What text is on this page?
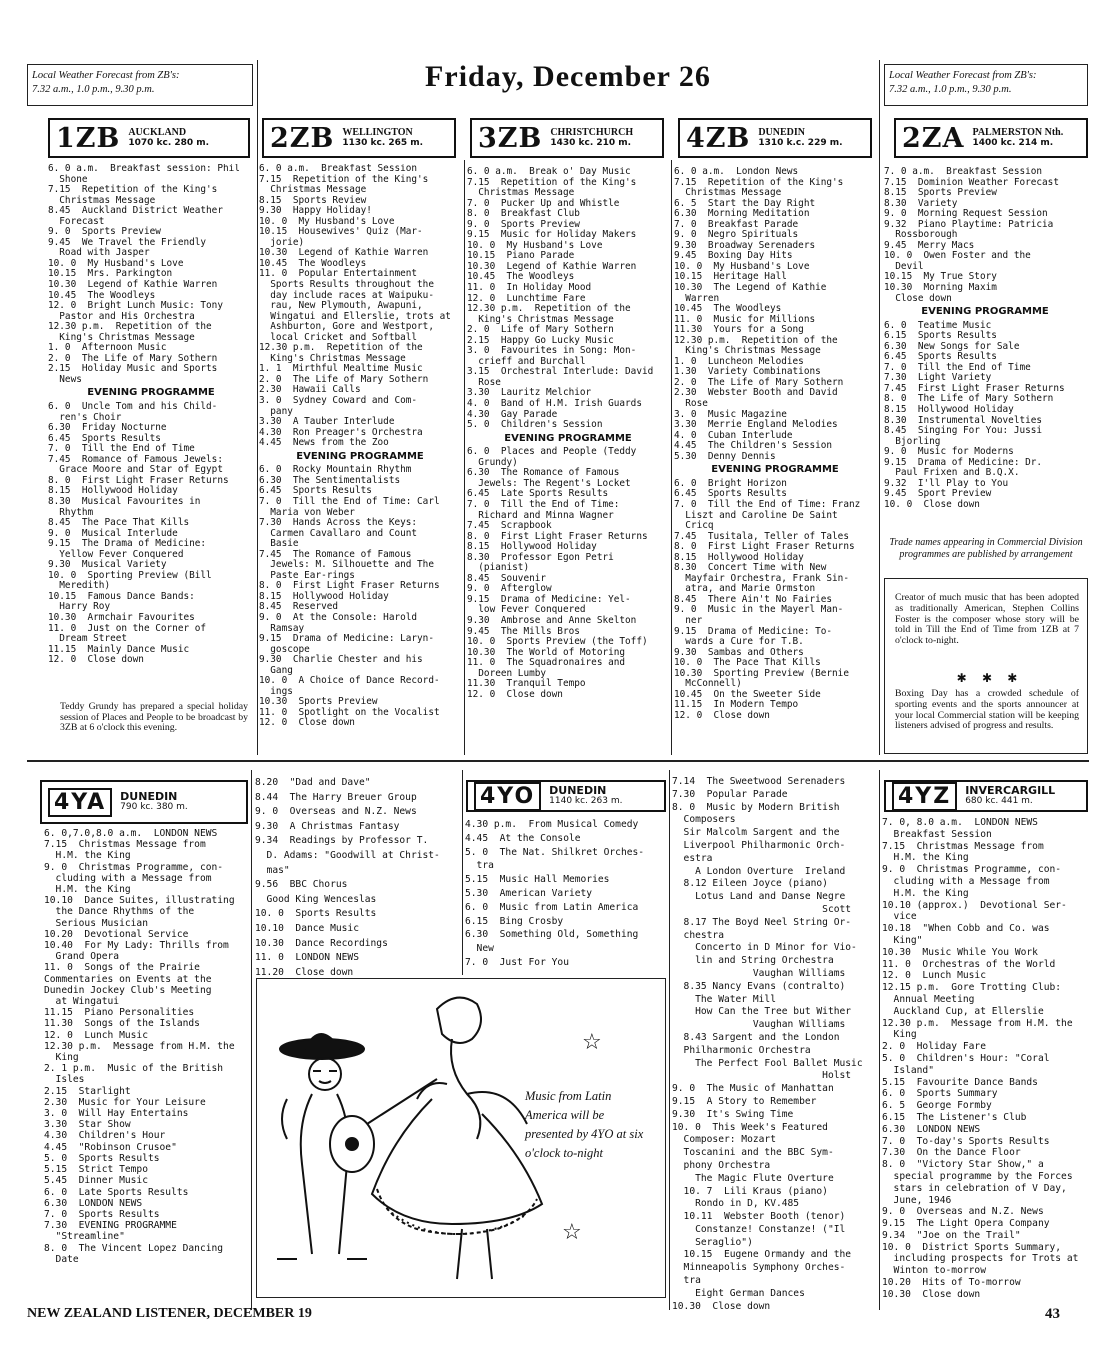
Local Weather Forecast from ZB's:
7.32 a.m., 1.0 p.m., 9.30 p.m.	Friday, December 26	Local Weather Forecast from ZB's:
7.32 a.m., 1.0 p.m., 9.30 p.m.
1ZB AUCKLAND
1070 kc. 280 m. 2ZB WELLINGTON
1130 kc. 265 m. 3ZB CHRISTCHURCH
1430 kc. 210 m. 4ZB DUNEDIN
1310 k.c. 229 m. 2ZA PALMERSTON Nth.
1400 kc. 214 m.
6. 0 a.m.  Breakfast session: Phil
Shone
7.15  Repetition of the King's
Christmas Message
8.45  Auckland District Weather
Forecast
9. 0  Sports Preview
9.45  We Travel the Friendly
Road with Jasper
10. 0  My Husband's Love
10.15  Mrs. Parkington
10.30  Legend of Kathie Warren
10.45  The Woodleys
12. 0  Bright Lunch Music: Tony
Pastor and His Orchestra
12.30 p.m.  Repetition of the
King's Christmas Message
1. 0  Afternoon Music
2. 0  The Life of Mary Sothern
2.15  Holiday Music and Sports
News
EVENING PROGRAMME
6. 0  Uncle Tom and his Child-
ren's Choir
6.30  Friday Nocturne
6.45  Sports Results
7. 0  Till the End of Time
7.45  Romance of Famous Jewels:
Grace Moore and Star of Egypt
8. 0  First Light Fraser Returns
8.15  Hollywood Holiday
8.30  Musical Favourites in
Rhythm
8.45  The Pace That Kills
9. 0  Musical Interlude
9.15  The Drama of Medicine:
Yellow Fever Conquered
9.30  Musical Variety
10. 0  Sporting Preview (Bill
Meredith)
10.15  Famous Dance Bands:
Harry Roy
10.30  Armchair Favourites
11. 0  Just on the Corner of
Dream Street
11.15  Mainly Dance Music
12. 0  Close down
6. 0 a.m.  Breakfast Session
7.15  Repetition of the King's
Christmas Message
8.15  Sports Review
9.30  Happy Holiday!
10. 0  My Husband's Love
10.15  Housewives' Quiz (Mar-
jorie)
10.30  Legend of Kathie Warren
10.45  The Woodleys
11. 0  Popular Entertainment
Sports Results throughout the
day include races at Waipuku-
rau, New Plymouth, Awapuni,
Wingatui and Ellerslie, trots at
Ashburton, Gore and Westport,
local Cricket and Softball
12.30 p.m.  Repetition of the
King's Christmas Message
1. 1  Mirthful Mealtime Music
2. 0  The Life of Mary Sothern
2.30  Hawaii Calls
3. 0  Sydney Coward and Com-
pany
3.30  A Tauber Interlude
4.30  Ron Preager's Orchestra
4.45  News from the Zoo
EVENING PROGRAMME
6. 0  Rocky Mountain Rhythm
6.30  The Sentimentalists
6.45  Sports Results
7. 0  Till the End of Time: Carl
Maria von Weber
7.30  Hands Across the Keys:
Carmen Cavallaro and Count
Basie
7.45  The Romance of Famous
Jewels: M. Silhouette and The
Paste Ear-rings
8. 0  First Light Fraser Returns
8.15  Hollywood Holiday
8.45  Reserved
9. 0  At the Console: Harold
Ramsay
9.15  Drama of Medicine: Laryn-
goscope
9.30  Charlie Chester and his
Gang
10. 0  A Choice of Dance Record-
ings
10.30  Sports Preview
11. 0  Spotlight on the Vocalist
12. 0  Close down
6. 0 a.m.  Break o' Day Music
7.15  Repetition of the King's
Christmas Message
7. 0  Pucker Up and Whistle
8. 0  Breakfast Club
9. 0  Sports Preview
9.15  Music for Holiday Makers
10. 0  My Husband's Love
10.15  Piano Parade
10.30  Legend of Kathie Warren
10.45  The Woodleys
11. 0  In Holiday Mood
12. 0  Lunchtime Fare
12.30 p.m.  Repetition of the
King's Christmas Message
2. 0  Life of Mary Sothern
2.15  Happy Go Lucky Music
3. 0  Favourites in Song: Mon-
crieff and Burchall
3.15  Orchestral Interlude: David
Rose
3.30  Lauritz Melchior
4. 0  Band of H.M. Irish Guards
4.30  Gay Parade
5. 0  Children's Session
EVENING PROGRAMME
6. 0  Places and People (Teddy
Grundy)
6.30  The Romance of Famous
Jewels: The Regent's Locket
6.45  Late Sports Results
7. 0  Till the End of Time:
Richard and Minna Wagner
7.45  Scrapbook
8. 0  First Light Fraser Returns
8.15  Hollywood Holiday
8.30  Professor Egon Petri
(pianist)
8.45  Souvenir
9. 0  Afterglow
9.15  Drama of Medicine: Yel-
low Fever Conquered
9.30  Ambrose and Anne Skelton
9.45  The Mills Bros
10. 0  Sports Preview (the Toff)
10.30  The World of Motoring
11. 0  The Squadronaires and
Doreen Lumby
11.30  Tranquil Tempo
12. 0  Close down
6. 0 a.m.  London News
7.15  Repetition of the King's
Christmas Message
6. 5  Start the Day Right
6.30  Morning Meditation
7. 0  Breakfast Parade
9. 0  Negro Spirituals
9.30  Broadway Serenaders
9.45  Boxing Day Hits
10. 0  My Husband's Love
10.15  Heritage Hall
10.30  The Legend of Kathie
Warren
10.45  The Woodleys
11. 0  Music for Millions
11.30  Yours for a Song
12.30 p.m.  Repetition of the
King's Christmas Message
1. 0  Luncheon Melodies
1.30  Variety Combinations
2. 0  The Life of Mary Sothern
2.30  Webster Booth and David
Rose
3. 0  Music Magazine
3.30  Merrie England Melodies
4. 0  Cuban Interlude
4.45  The Children's Session
5.30  Denny Dennis
EVENING PROGRAMME
6. 0  Bright Horizon
6.45  Sports Results
7. 0  Till the End of Time: Franz
Liszt and Caroline De Saint
Cricq
7.45  Tusitala, Teller of Tales
8. 0  First Light Fraser Returns
8.15  Hollywood Holiday
8.30  Concert Time with New
Mayfair Orchestra, Frank Sin-
atra, and Marie Ormston
8.45  There Ain't No Fairies
9. 0  Music in the Mayerl Man-
ner
9.15  Drama of Medicine: To-
wards a Cure for T.B.
9.30  Sambas and Others
10. 0  The Pace That Kills
10.30  Sporting Preview (Bernie
McConnell)
10.45  On the Sweeter Side
11.15  In Modern Tempo
12. 0  Close down
7. 0 a.m.  Breakfast Session
7.15  Dominion Weather Forecast
8.15  Sports Preview
8.30  Variety
9. 0  Morning Request Session
9.32  Piano Playtime: Patricia
Rossborough
9.45  Merry Macs
10. 0  Owen Foster and the
Devil
10.15  My True Story
10.30  Morning Maxim
Close down
EVENING PROGRAMME
6. 0  Teatime Music
6.15  Sports Results
6.30  New Songs for Sale
6.45  Sports Results
7. 0  Till the End of Time
7.30  Light Variety
7.45  First Light Fraser Returns
8. 0  The Life of Mary Sothern
8.15  Hollywood Holiday
8.30  Instrumental Novelties
8.45  Singing For You: Jussi
Bjorling
9. 0  Music for Moderns
9.15  Drama of Medicine: Dr.
Paul Frixen and B.Q.X.
9.32  I'll Play to You
9.45  Sport Preview
10. 0  Close down
Teddy Grundy has prepared a special holiday session of Places and People to be broadcast by 3ZB at 6 o'clock this evening.
Trade names appearing in Commercial Division programmes are published by arrangement
Creator of much music that has been adopted as traditionally American, Stephen Collins Foster is the composer whose story will be told in Till the End of Time from 1ZB at 7 o'clock to-night.
✱    ✱    ✱
Boxing Day has a crowded schedule of sporting events and the sports announcer at your local Commercial station will be keeping listeners advised of progress and results.
4YA	DUNEDIN
790 kc. 380 m.	4YO	DUNEDIN
1140 kc. 263 m.	4YZ	INVERCARGILL
680 kc. 441 m.
6. 0,7.0,8.0 a.m.  LONDON NEWS
7.15  Christmas Message from
H.M. the King
9. 0  Christmas Programme, con-
cluding with a Message from
H.M. the King
10.10  Dance Suites, illustrating
the Dance Rhythms of the
Serious Musician
10.20  Devotional Service
10.40  For My Lady: Thrills from
Grand Opera
11. 0  Songs of the Prairie
Commentaries on Events at the
Dunedin Jockey Club's Meeting
at Wingatui
11.15  Piano Personalities
11.30  Songs of the Islands
12. 0  Lunch Music
12.30 p.m.  Message from H.M. the
King
2. 1 p.m.  Music of the British
Isles
2.15  Starlight
2.30  Music for Your Leisure
3. 0  Will Hay Entertains
3.30  Star Show
4.30  Children's Hour
4.45  "Robinson Crusoe"
5. 0  Sports Results
5.15  Strict Tempo
5.45  Dinner Music
6. 0  Late Sports Results
6.30  LONDON NEWS
7. 0  Sports Results
7.30  EVENING PROGRAMME
"Streamline"
8. 0  The Vincent Lopez Dancing
Date
8.20  "Dad and Dave"
8.44  The Harry Breuer Group
9. 0  Overseas and N.Z. News
9.30  A Christmas Fantasy
9.34  Readings by Professor T.
D. Adams: "Goodwill at Christ-
mas"
9.56  BBC Chorus
Good King Wenceslas
10. 0  Sports Results
10.10  Dance Music
10.30  Dance Recordings
11. 0  LONDON NEWS
11.20  Close down
4.30 p.m.  From Musical Comedy
4.45  At the Console
5. 0  The Nat. Shilkret Orches-
tra
5.15  Music Hall Memories
5.30  American Variety
6. 0  Music from Latin America
6.15  Bing Crosby
6.30  Something Old, Something
New
7. 0  Just For You
7.14  The Sweetwood Serenaders
7.30  Popular Parade
8. 0  Music by Modern British
Composers
Sir Malcolm Sargent and the
Liverpool Philharmonic Orch-
estra
A London Overture  Ireland
8.12 Eileen Joyce (piano)
Lotus Land and Danse Negre
Scott
8.17 The Boyd Neel String Or-
chestra
Concerto in D Minor for Vio-
lin and String Orchestra
Vaughan Williams
8.35 Nancy Evans (contralto)
The Water Mill
How Can the Tree but Wither
Vaughan Williams
8.43 Sargent and the London
Philharmonic Orchestra
The Perfect Fool Ballet Music
Holst
9. 0  The Music of Manhattan
9.15  A Story to Remember
9.30  It's Swing Time
10. 0  This Week's Featured
Composer: Mozart
Toscanini and the BBC Sym-
phony Orchestra
The Magic Flute Overture
10. 7  Lili Kraus (piano)
Rondo in D, KV.485
10.11  Webster Booth (tenor)
Constanze! Constanze! ("Il
Seraglio")
10.15  Eugene Ormandy and the
Minneapolis Symphony Orches-
tra
Eight German Dances
10.30  Close down
7. 0, 8.0 a.m.  LONDON NEWS
Breakfast Session
7.15  Christmas Message from
H.M. the King
9. 0  Christmas Programme, con-
cluding with a Message from
H.M. the King
10.10 (approx.)  Devotional Ser-
vice
10.18  "When Cobb and Co. was
King"
10.30  Music While You Work
11. 0  Orchestras of the World
12. 0  Lunch Music
12.15 p.m.  Gore Trotting Club:
Annual Meeting
Auckland Cup, at Ellerslie
12.30 p.m.  Message from H.M. the
King
2. 0  Holiday Fare
5. 0  Children's Hour: "Coral
Island"
5.15  Favourite Dance Bands
6. 0  Sports Summary
6. 5  George Formby
6.15  The Listener's Club
6.30  LONDON NEWS
7. 0  To-day's Sports Results
7.30  On the Dance Floor
8. 0  "Victory Star Show," a
special programme by the Forces
stars in celebration of V Day,
June, 1946
9. 0  Overseas and N.Z. News
9.15  The Light Opera Company
9.34  "Joe on the Trail"
10. 0  District Sports Summary,
including prospects for Trots at
Winton to-morrow
10.20  Hits of To-morrow
10.30  Close down
☆
☆
Music from Latin America will be presented by 4YO at six o'clock to-night
NEW ZEALAND LISTENER, DECEMBER 19	43
